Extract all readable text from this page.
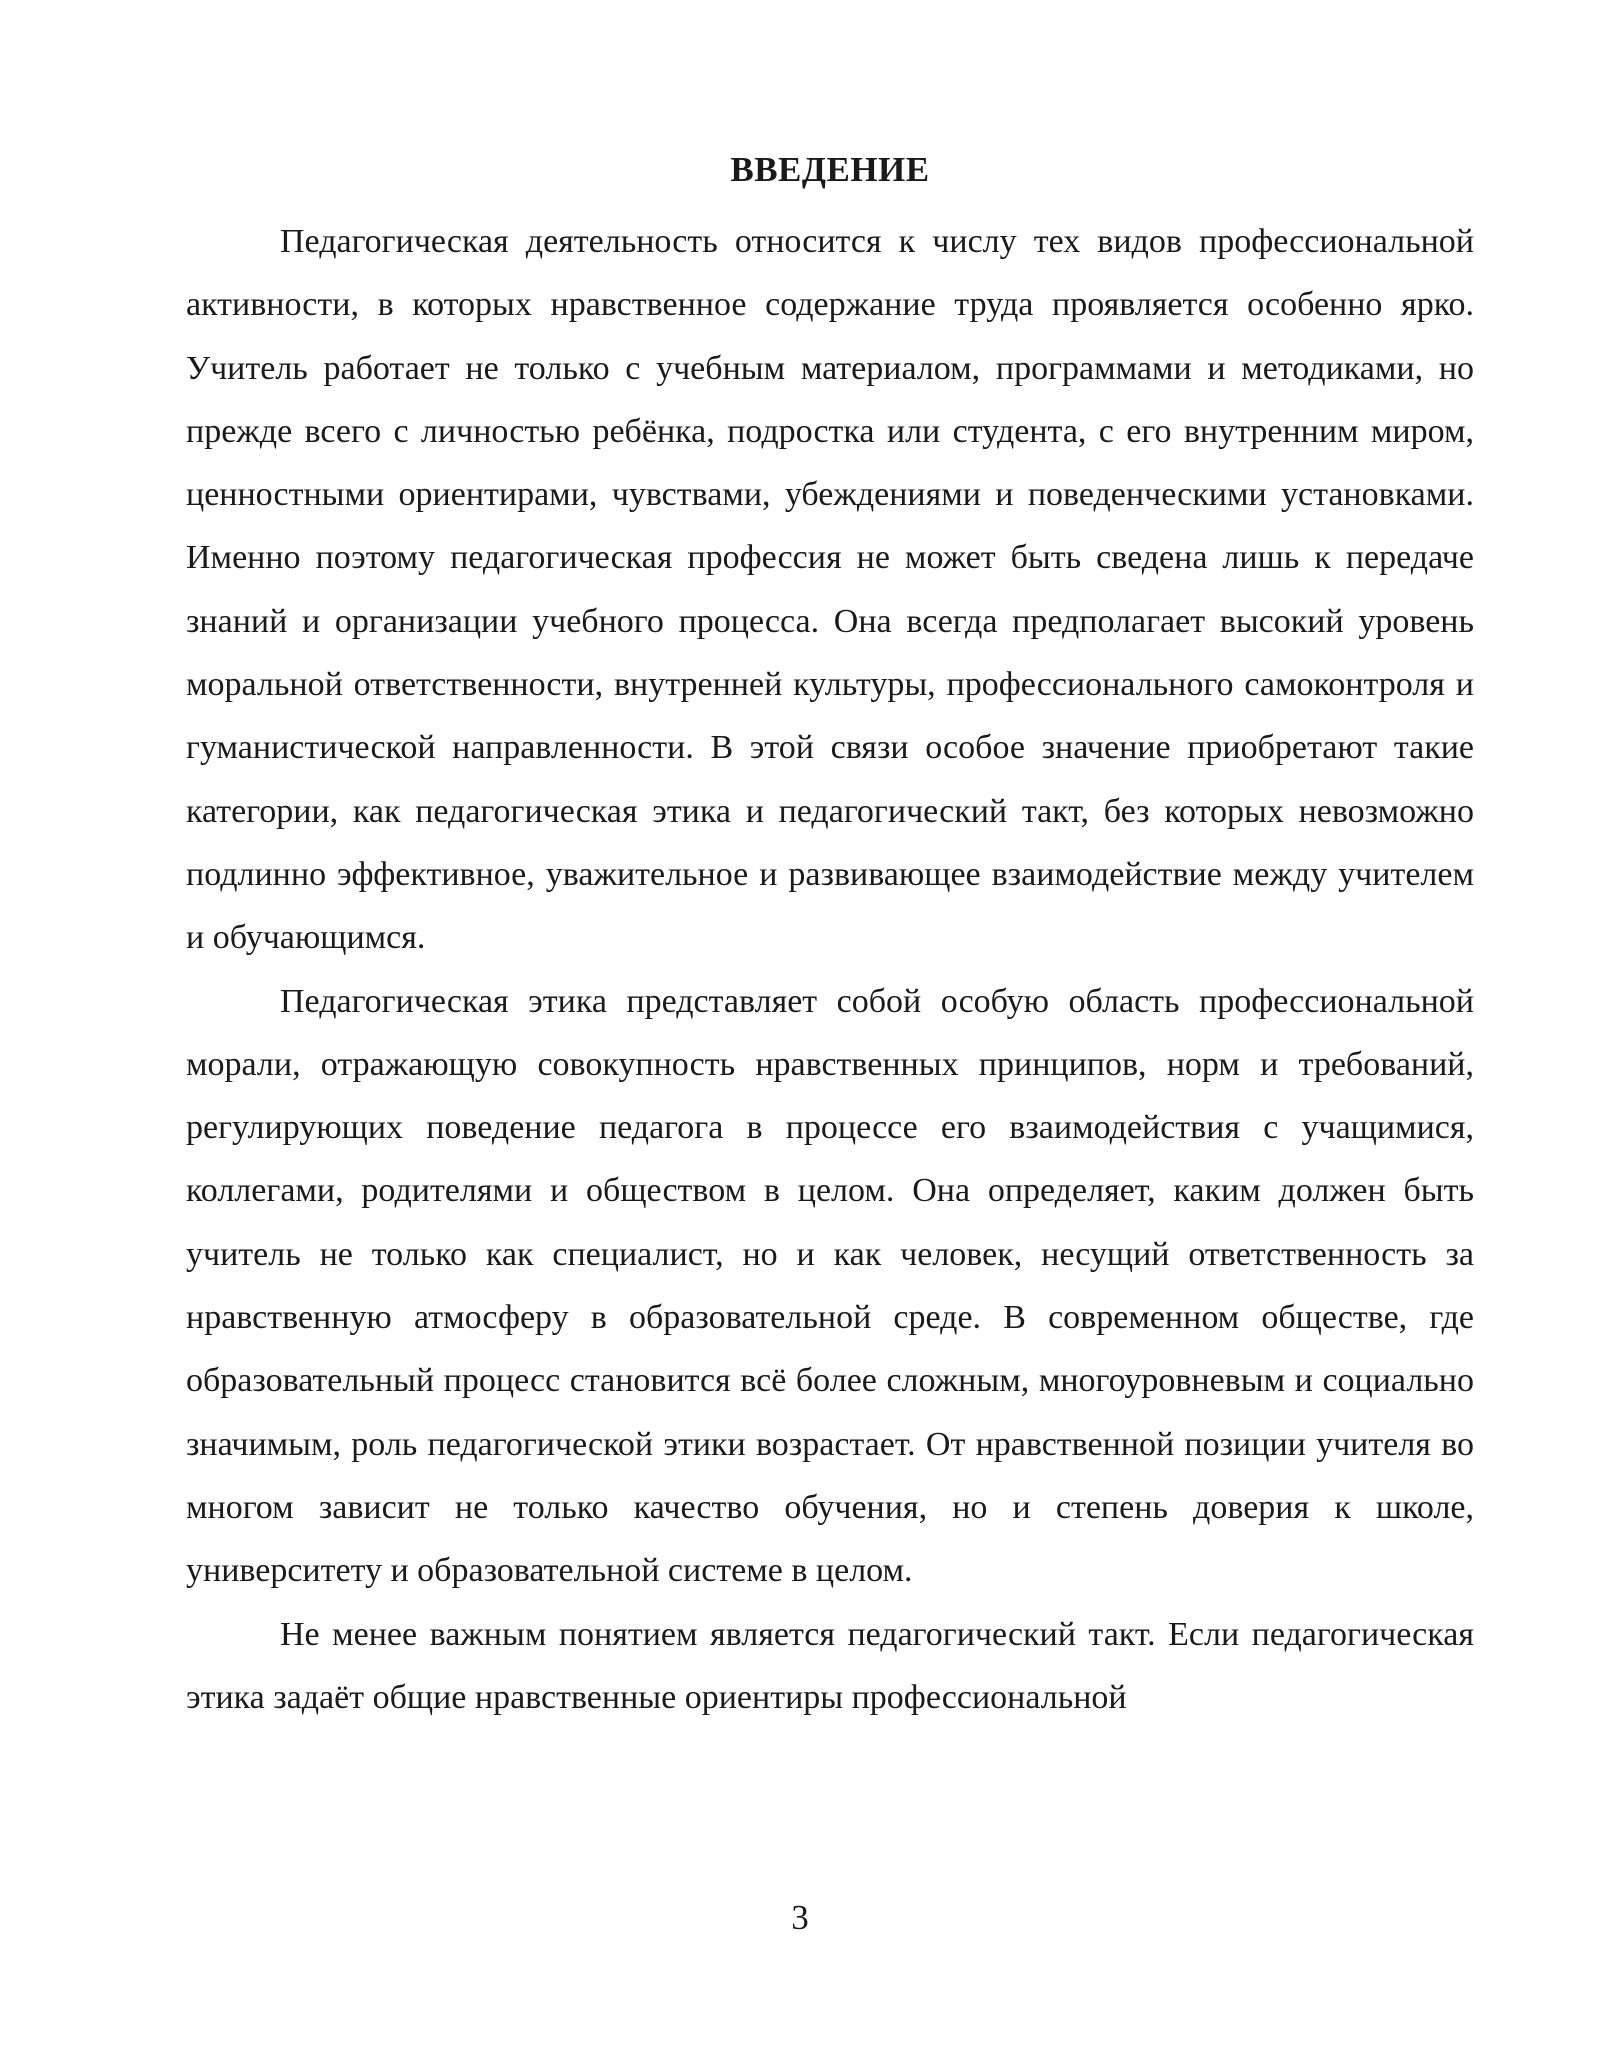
ВВЕДЕНИЕ

Педагогическая деятельность относится к числу тех видов профессиональной активности, в которых нравственное содержание труда проявляется особенно ярко. Учитель работает не только с учебным материалом, программами и методиками, но прежде всего с личностью ребёнка, подростка или студента, с его внутренним миром, ценностными ориентирами, чувствами, убеждениями и поведенческими установками. Именно поэтому педагогическая профессия не может быть сведена лишь к передаче знаний и организации учебного процесса. Она всегда предполагает высокий уровень моральной ответственности, внутренней культуры, профессионального самоконтроля и гуманистической направленности. В этой связи особое значение приобретают такие категории, как педагогическая этика и педагогический такт, без которых невозможно подлинно эффективное, уважительное и развивающее взаимодействие между учителем и обучающимся.

Педагогическая этика представляет собой особую область профессиональной морали, отражающую совокупность нравственных принципов, норм и требований, регулирующих поведение педагога в процессе его взаимодействия с учащимися, коллегами, родителями и обществом в целом. Она определяет, каким должен быть учитель не только как специалист, но и как человек, несущий ответственность за нравственную атмосферу в образовательной среде. В современном обществе, где образовательный процесс становится всё более сложным, многоуровневым и социально значимым, роль педагогической этики возрастает. От нравственной позиции учителя во многом зависит не только качество обучения, но и степень доверия к школе, университету и образовательной системе в целом.

Не менее важным понятием является педагогический такт. Если педагогическая этика задаёт общие нравственные ориентиры профессиональной

3
